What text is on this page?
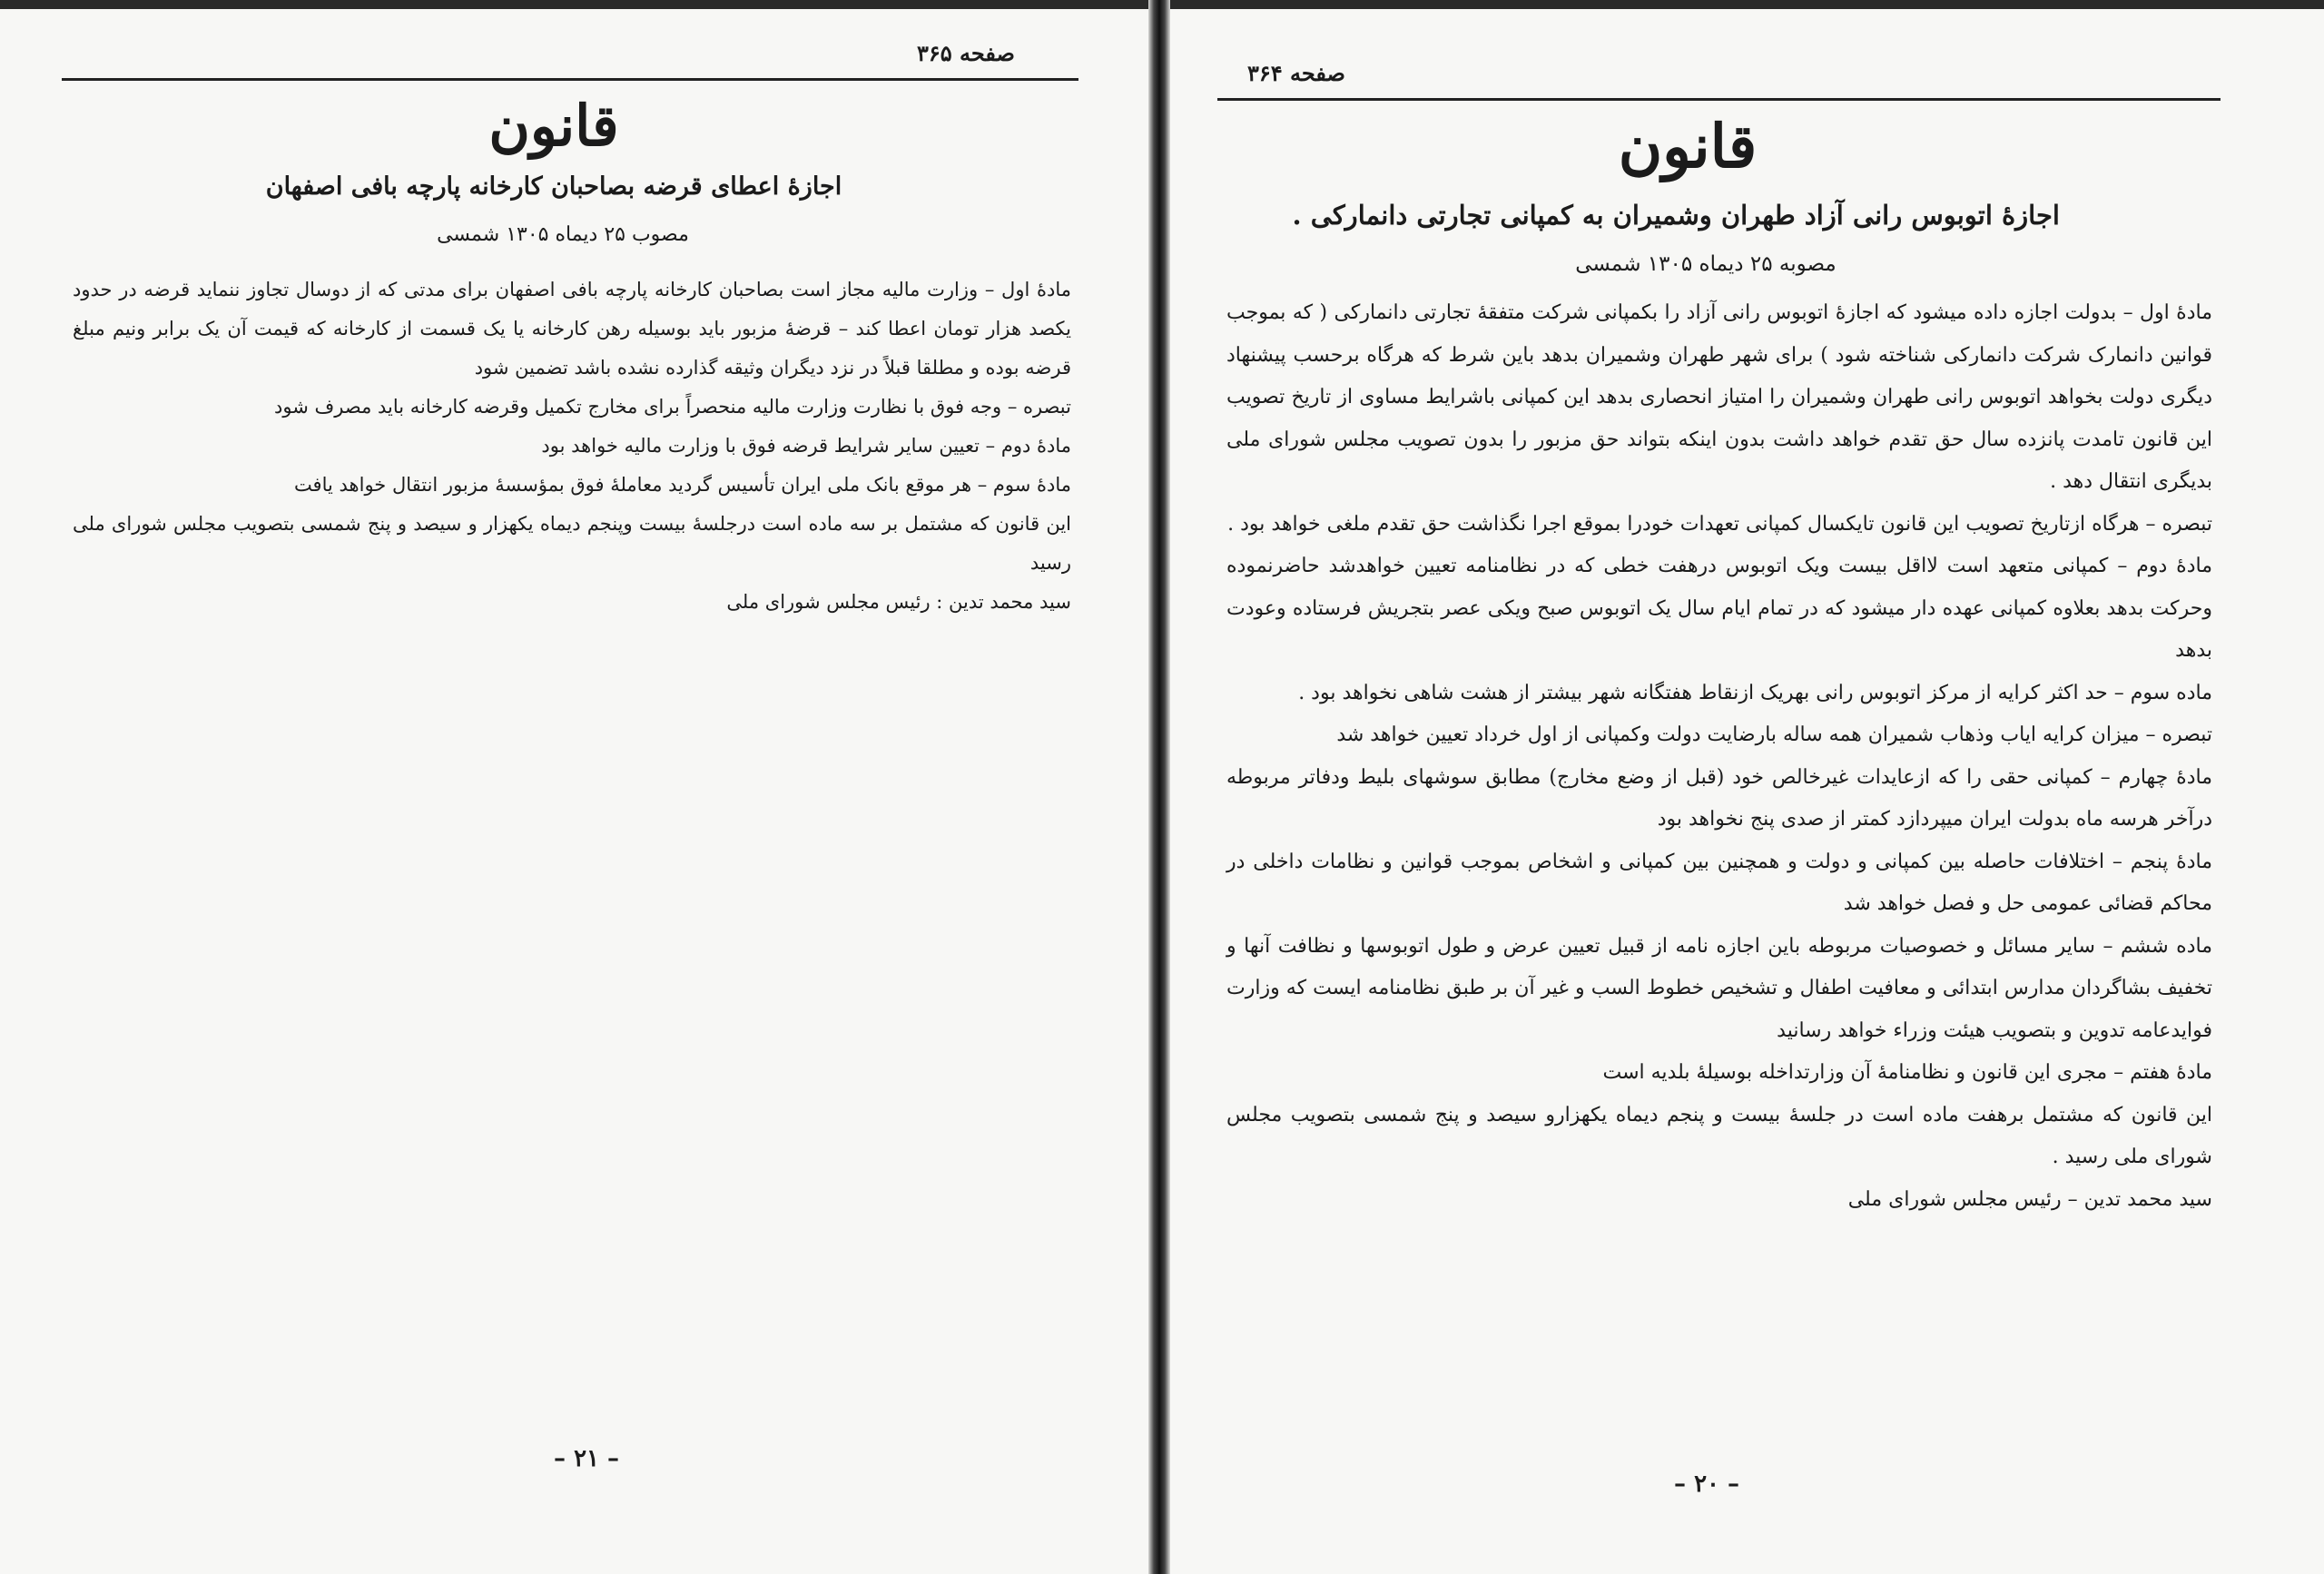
صفحه ۳۶۵
قانون
اجازهٔ اعطای قرضه بصاحبان کارخانه پارچه بافی اصفهان
مصوب ۲۵ دیماه ۱۳۰۵ شمسی

مادهٔ اول – وزارت مالیه مجاز است بصاحبان کارخانه پارچه بافی اصفهان برای مدتی که از دوسال تجاوز ننماید قرضه در حدود یکصد هزار تومان اعطا کند – قرضهٔ مزبور باید بوسیله رهن کارخانه یا یک قسمت از کارخانه که قیمت آن یک برابر ونیم مبلغ قرضه بوده و مطلقا قبلاً در نزد دیگران وثیقه گذارده نشده باشد تضمین شود

تبصره – وجه فوق با نظارت وزارت مالیه منحصراً برای مخارج تکمیل وقرضه کارخانه باید مصرف شود

مادهٔ دوم – تعیین سایر شرایط قرضه فوق با وزارت مالیه خواهد بود

مادهٔ سوم – هر موقع بانک ملی ایران تأسیس گردید معاملهٔ فوق بمؤسسهٔ مزبور انتقال خواهد یافت

این قانون که مشتمل بر سه ماده است درجلسهٔ بیست وپنجم دیماه یکهزار و سیصد و پنج شمسی بتصویب مجلس شورای ملی رسید

سید محمد تدین : رئیس مجلس شورای ملی

– ۲۱ –
صفحه ۳۶۴
قانون
اجازهٔ اتوبوس رانی آزاد طهران وشمیران به کمپانی تجارتی دانمارکی .
مصوبه ۲۵ دیماه ۱۳۰۵ شمسی

مادهٔ اول – بدولت اجازه داده میشود که اجازهٔ اتوبوس رانی آزاد را بکمپانی شرکت متفقهٔ تجارتی دانمارکی ( که بموجب قوانین دانمارک شرکت دانمارکی شناخته شود ) برای شهر طهران وشمیران بدهد باین شرط که هرگاه برحسب پیشنهاد دیگری دولت بخواهد اتوبوس رانی طهران وشمیران را امتیاز انحصاری بدهد این کمپانی باشرایط مساوی از تاریخ تصویب این قانون تامدت پانزده سال حق تقدم خواهد داشت بدون اینکه بتواند حق مزبور را بدون تصویب مجلس شورای ملی بدیگری انتقال دهد .

تبصره – هرگاه ازتاریخ تصویب این قانون تایکسال کمپانی تعهدات خودرا بموقع اجرا نگذاشت حق تقدم ملغی خواهد بود .

مادهٔ دوم – کمپانی متعهد است لااقل بیست ویک اتوبوس درهفت خطی که در نظامنامه تعیین خواهدشد حاضرنموده وحرکت بدهد بعلاوه کمپانی عهده دار میشود که در تمام ایام سال یک اتوبوس صبح ویکی عصر بتجریش فرستاده وعودت بدهد

ماده سوم – حد اکثر کرایه از مرکز اتوبوس رانی بهریک ازنقاط هفتگانه شهر بیشتر از هشت شاهی نخواهد بود .

تبصره – میزان کرایه ایاب وذهاب شمیران همه ساله بارضایت دولت وکمپانی از اول خرداد تعیین خواهد شد

مادهٔ چهارم – کمپانی حقی را که ازعایدات غیرخالص خود (قبل از وضع مخارج) مطابق سوشهای بلیط ودفاتر مربوطه درآخر هرسه ماه بدولت ایران میپردازد کمتر از صدی پنج نخواهد بود

مادهٔ پنجم – اختلافات حاصله بین کمپانی و دولت و همچنین بین کمپانی و اشخاص بموجب قوانین و نظامات داخلی در محاکم قضائی عمومی حل و فصل خواهد شد

ماده ششم – سایر مسائل و خصوصیات مربوطه باین اجازه نامه از قبیل تعیین عرض و طول اتوبوسها و نظافت آنها و تخفیف بشاگردان مدارس ابتدائی و معافیت اطفال و تشخیص خطوط السب و غیر آن بر طبق نظامنامه ایست که وزارت فوایدعامه تدوین و بتصویب هیئت وزراء خواهد رسانید

مادهٔ هفتم – مجری این قانون و نظامنامهٔ آن وزارتداخله بوسیلهٔ بلدیه است

این قانون که مشتمل برهفت ماده است در جلسهٔ بیست و پنجم دیماه یکهزارو سیصد و پنج شمسی بتصویب مجلس شورای ملی رسید .

سید محمد تدین – رئیس مجلس شورای ملی

– ۲۰ –
